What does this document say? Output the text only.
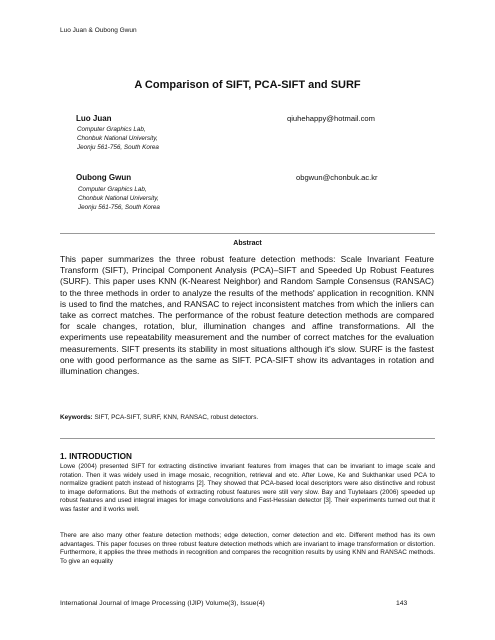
Luo Juan & Oubong Gwun
A Comparison of SIFT, PCA-SIFT and SURF
Luo Juan	qiuhehappy@hotmail.com
Computer Graphics Lab,
Chonbuk National University,
Jeonju 561-756, South Korea
Oubong Gwun	obgwun@chonbuk.ac.kr
Computer Graphics Lab,
Chonbuk National University,
Jeonju 561-756, South Korea
Abstract
This paper summarizes the three robust feature detection methods: Scale Invariant Feature Transform (SIFT), Principal Component Analysis (PCA)–SIFT and Speeded Up Robust Features (SURF). This paper uses KNN (K-Nearest Neighbor) and Random Sample Consensus (RANSAC) to the three methods in order to analyze the results of the methods' application in recognition. KNN is used to find the matches, and RANSAC to reject inconsistent matches from which the inliers can take as correct matches. The performance of the robust feature detection methods are compared for scale changes, rotation, blur, illumination changes and affine transformations. All the experiments use repeatability measurement and the number of correct matches for the evaluation measurements. SIFT presents its stability in most situations although it's slow. SURF is the fastest one with good performance as the same as SIFT. PCA-SIFT show its advantages in rotation and illumination changes.
Keywords: SIFT, PCA-SIFT, SURF, KNN, RANSAC, robust detectors.
1. INTRODUCTION
Lowe (2004) presented SIFT for extracting distinctive invariant features from images that can be invariant to image scale and rotation. Then it was widely used in image mosaic, recognition, retrieval and etc. After Lowe, Ke and Sukthankar used PCA to normalize gradient patch instead of histograms [2]. They showed that PCA-based local descriptors were also distinctive and robust to image deformations. But the methods of extracting robust features were still very slow. Bay and Tuytelaars (2006) speeded up robust features and used integral images for image convolutions and Fast-Hessian detector [3]. Their experiments turned out that it was faster and it works well.
There are also many other feature detection methods; edge detection, corner detection and etc. Different method has its own advantages. This paper focuses on three robust feature detection methods which are invariant to image transformation or distortion. Furthermore, it applies the three methods in recognition and compares the recognition results by using KNN and RANSAC methods. To give an equality
International Journal of Image Processing (IJIP) Volume(3), Issue(4)	143
